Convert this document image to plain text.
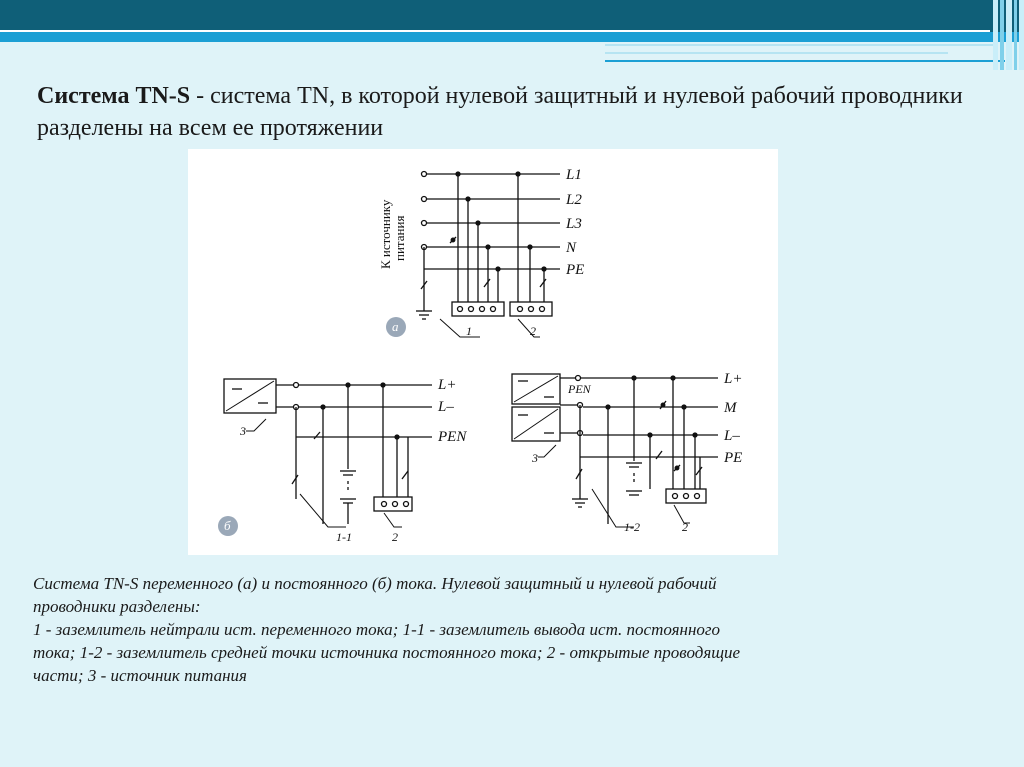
Система TN-S - система TN, в которой нулевой защитный и нулевой рабочий проводники разделены на всем ее протяжении
К источнику питания
L1
L2
L3
N
PE
1	2
а
L+
L–
PEN
3
1-1	2
б
PEN
L+
M
L–
PE
3
1-2	2
Система TN-S переменного (а) и постоянного (б) тока. Нулевой защитный и нулевой рабочий
проводники разделены:
1 - заземлитель нейтрали ист. переменного тока; 1-1 - заземлитель вывода ист. постоянного
тока; 1-2 - заземлитель средней точки источника постоянного тока; 2 - открытые проводящие
части; 3 - источник питания
